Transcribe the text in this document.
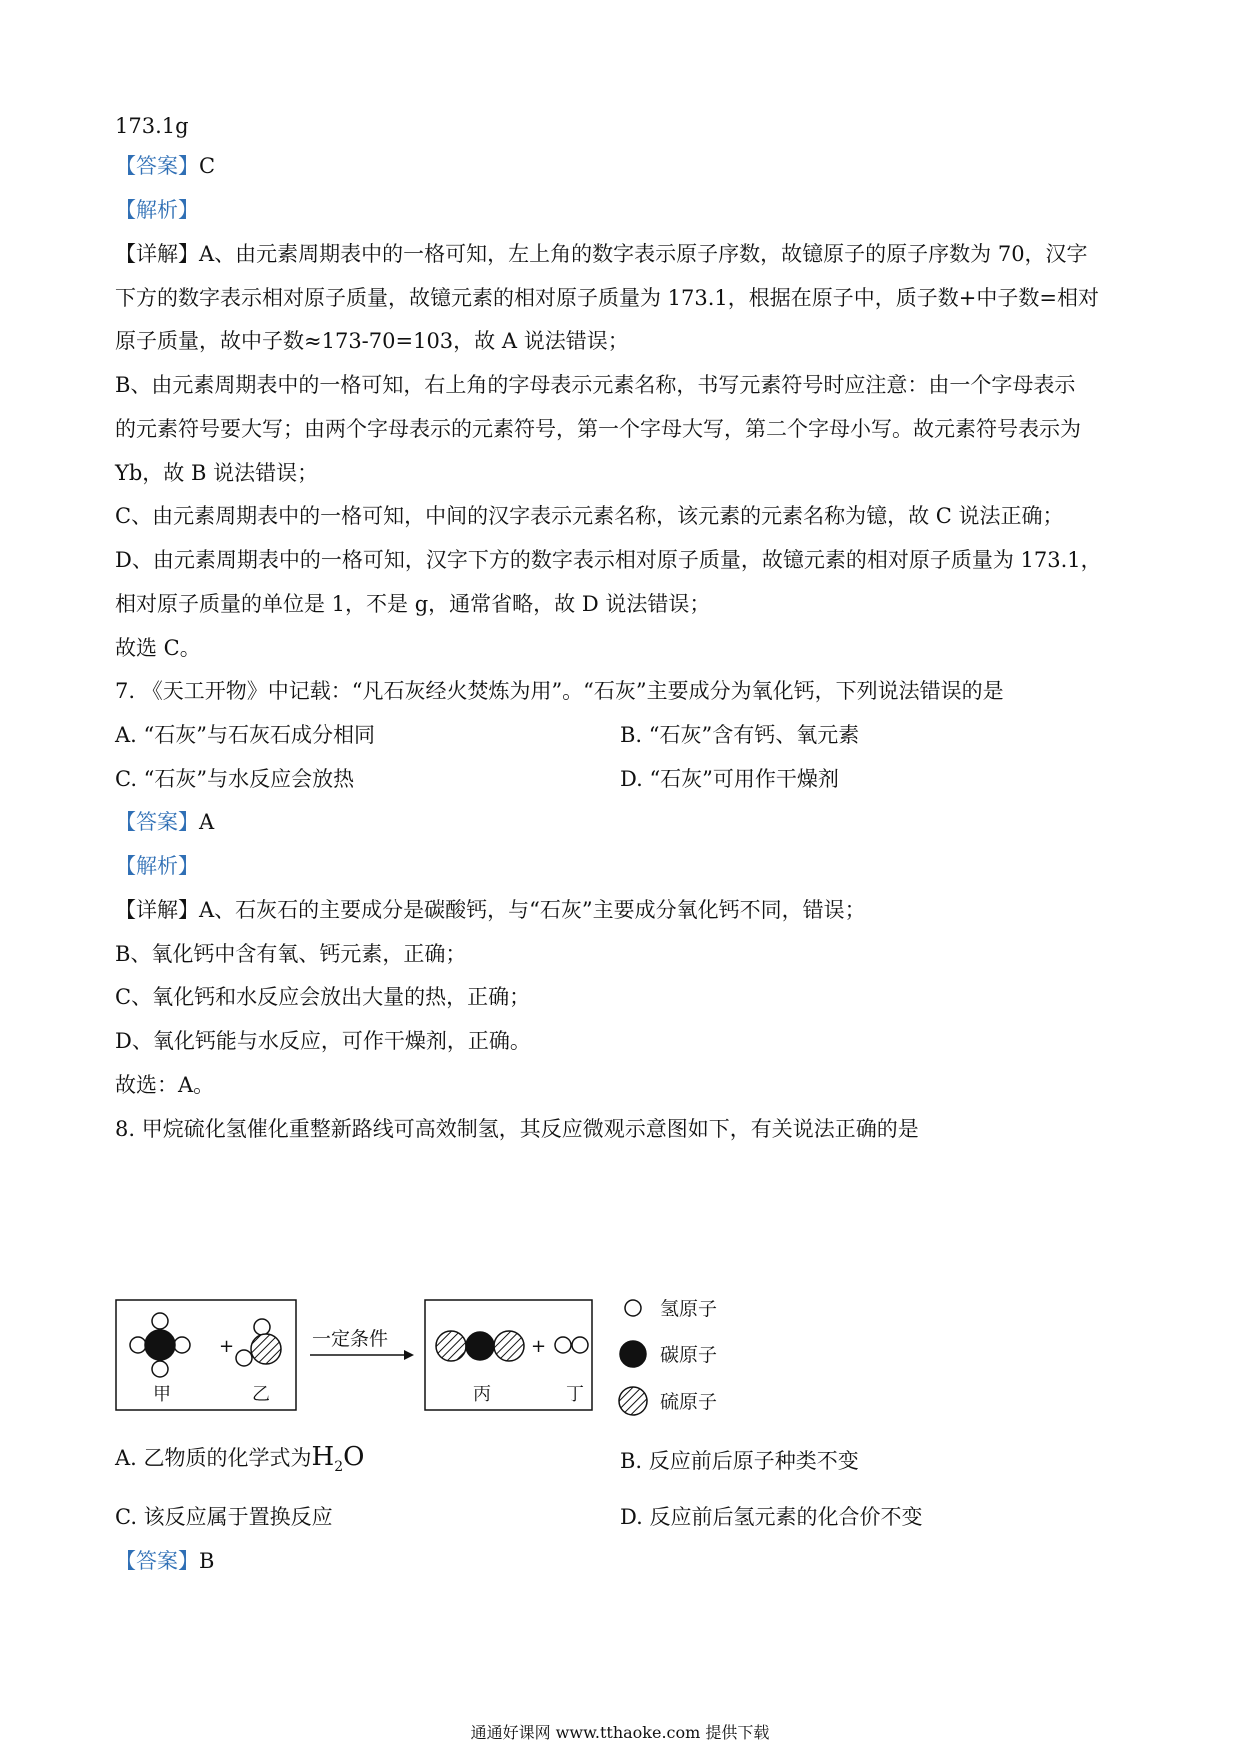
173.1g
【答案】C
【解析】
【详解】A、由元素周期表中的一格可知，左上角的数字表示原子序数，故镱原子的原子序数为 70，汉字
下方的数字表示相对原子质量，故镱元素的相对原子质量为 173.1，根据在原子中，质子数+中子数=相对
原子质量，故中子数≈173-70=103，故 A 说法错误；
B、由元素周期表中的一格可知，右上角的字母表示元素名称，书写元素符号时应注意：由一个字母表示
的元素符号要大写；由两个字母表示的元素符号，第一个字母大写，第二个字母小写。故元素符号表示为
Yb，故 B 说法错误；
C、由元素周期表中的一格可知，中间的汉字表示元素名称，该元素的元素名称为镱，故 C 说法正确；
D、由元素周期表中的一格可知，汉字下方的数字表示相对原子质量，故镱元素的相对原子质量为 173.1，
相对原子质量的单位是 1，不是 g，通常省略，故 D 说法错误；
故选 C。
7. 《天工开物》中记载：“凡石灰经火焚炼为用”。“石灰”主要成分为氧化钙，下列说法错误的是
A. “石灰”与石灰石成分相同	B. “石灰”含有钙、氧元素
C. “石灰”与水反应会放热	D. “石灰”可用作干燥剂
【答案】A
【解析】
【详解】A、石灰石的主要成分是碳酸钙，与“石灰”主要成分氧化钙不同，错误；
B、氧化钙中含有氧、钙元素，正确；
C、氧化钙和水反应会放出大量的热，正确；
D、氧化钙能与水反应，可作干燥剂，正确。
故选：A。
8. 甲烷硫化氢催化重整新路线可高效制氢，其反应微观示意图如下，有关说法正确的是
+
甲	乙
一定条件	+
丙	丁
氢原子
碳原子
硫原子
A. 乙物质的化学式为$H_2O$	B. 反应前后原子种类不变
C. 该反应属于置换反应	D. 反应前后氢元素的化合价不变
【答案】B
通通好课网 www.tthaoke.com 提供下载
